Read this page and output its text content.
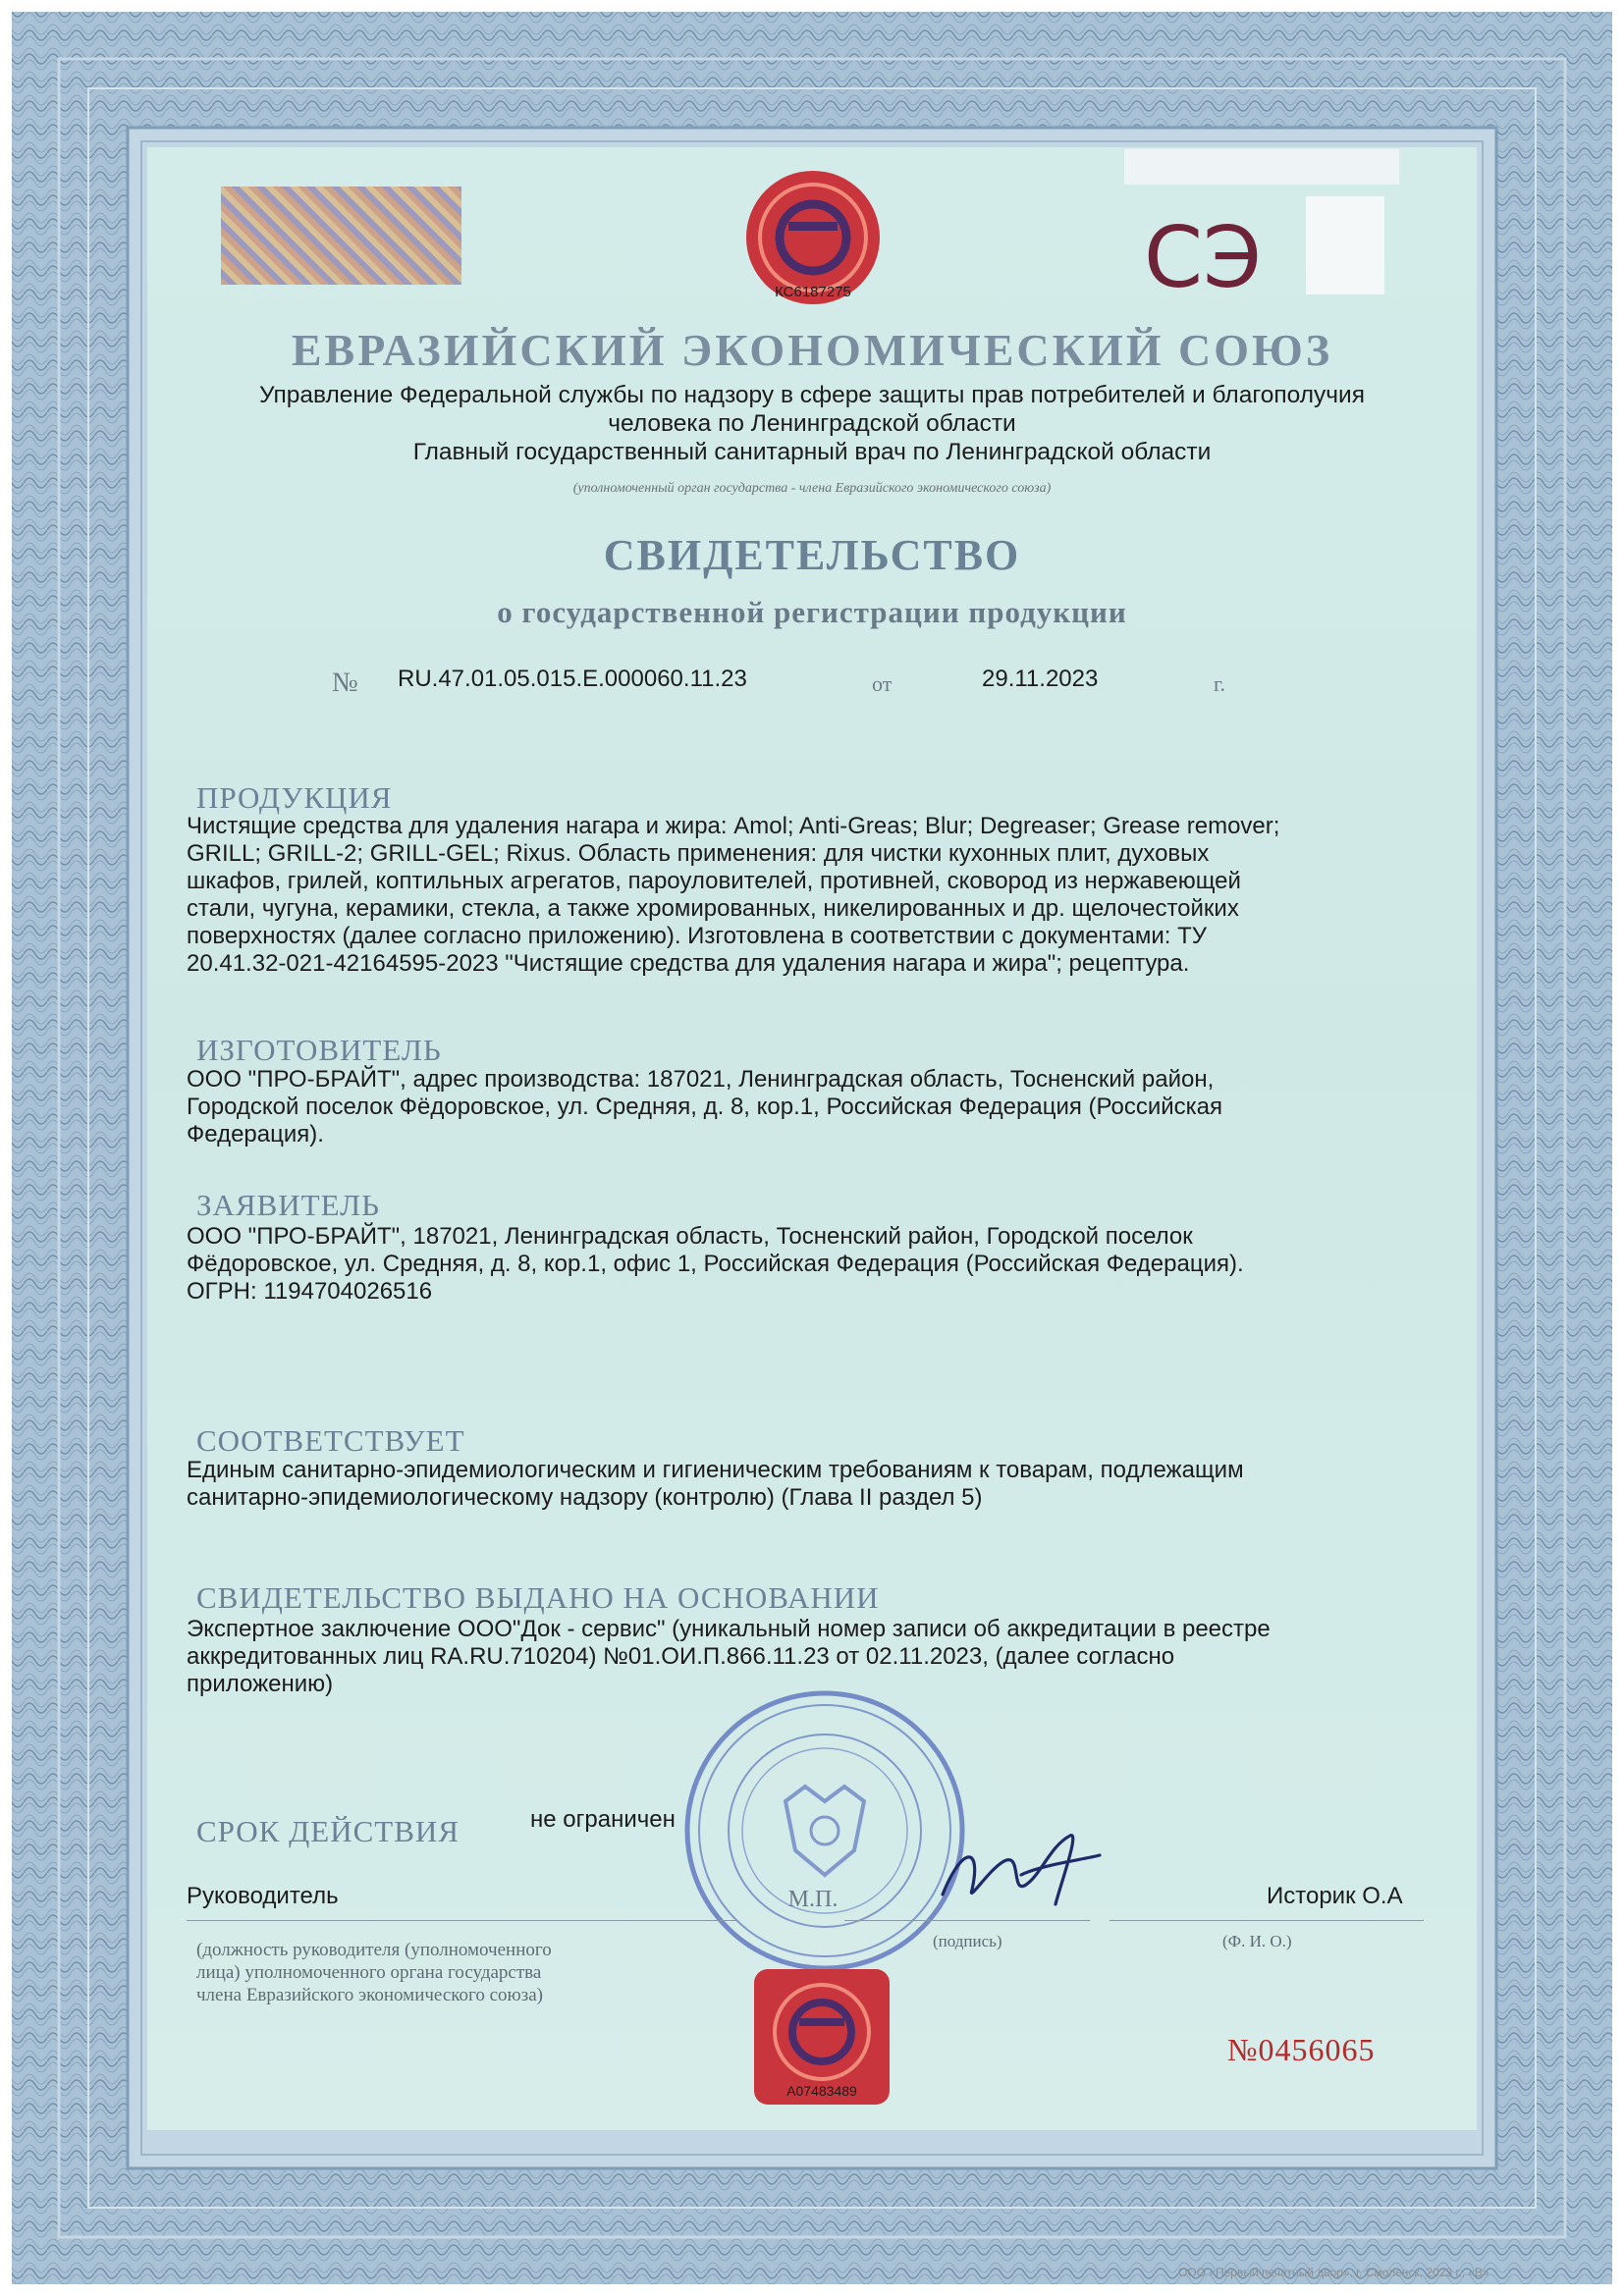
КС6187275	СЭ
ЕВРАЗИЙСКИЙ ЭКОНОМИЧЕСКИЙ СОЮЗ
Управление Федеральной службы по надзору в сфере защиты прав потребителей и благополучия
человека по Ленинградской области
Главный государственный санитарный врач по Ленинградской области
(уполномоченный орган государства - члена Евразийского экономического союза)
СВИДЕТЕЛЬСТВО
о государственной регистрации продукции
№ RU.47.01.05.015.Е.000060.11.23	от	29.11.2023	г.
ПРОДУКЦИЯ
Чистящие средства для удаления нагара и жира: Amol; Anti-Greas; Blur; Degreaser; Grease remover;
GRILL; GRILL-2; GRILL-GEL; Rixus. Область применения: для чистки кухонных плит, духовых
шкафов, грилей, коптильных агрегатов, пароуловителей, противней, сковород из нержавеющей
стали, чугуна, керамики, стекла, а также хромированных, никелированных и др. щелочестойких
поверхностях (далее согласно приложению). Изготовлена в соответствии с документами: ТУ
20.41.32-021-42164595-2023 "Чистящие средства для удаления нагара и жира"; рецептура.
ИЗГОТОВИТЕЛЬ
ООО "ПРО-БРАЙТ", адрес производства: 187021, Ленинградская область, Тосненский район,
Городской поселок Фёдоровское, ул. Средняя, д. 8, кор.1, Российская Федерация (Российская
Федерация).
ЗАЯВИТЕЛЬ
ООО "ПРО-БРАЙТ", 187021, Ленинградская область, Тосненский район, Городской поселок
Фёдоровское, ул. Средняя, д. 8, кор.1, офис 1, Российская Федерация (Российская Федерация).
ОГРН: 1194704026516
СООТВЕТСТВУЕТ
Единым санитарно-эпидемиологическим и гигиеническим требованиям к товарам, подлежащим
санитарно-эпидемиологическому надзору (контролю) (Глава II раздел 5)
СВИДЕТЕЛЬСТВО ВЫДАНО НА ОСНОВАНИИ
Экспертное заключение ООО"Док - сервис" (уникальный номер записи об аккредитации в реестре
аккредитованных лиц RA.RU.710204) №01.ОИ.П.866.11.23 от 02.11.2023, (далее согласно
приложению)
М.П.
СРОК ДЕЙСТВИЯ	не ограничен
Руководитель	Историк О.А
(должность руководителя (уполномоченного
лица) уполномоченного органа государства
члена Евразийского экономического союза)
(подпись)	(Ф. И. О.)
А07483489
№0456065
ООО «Первый печатный двор», г. Смоленск, 2023 г., «В»
